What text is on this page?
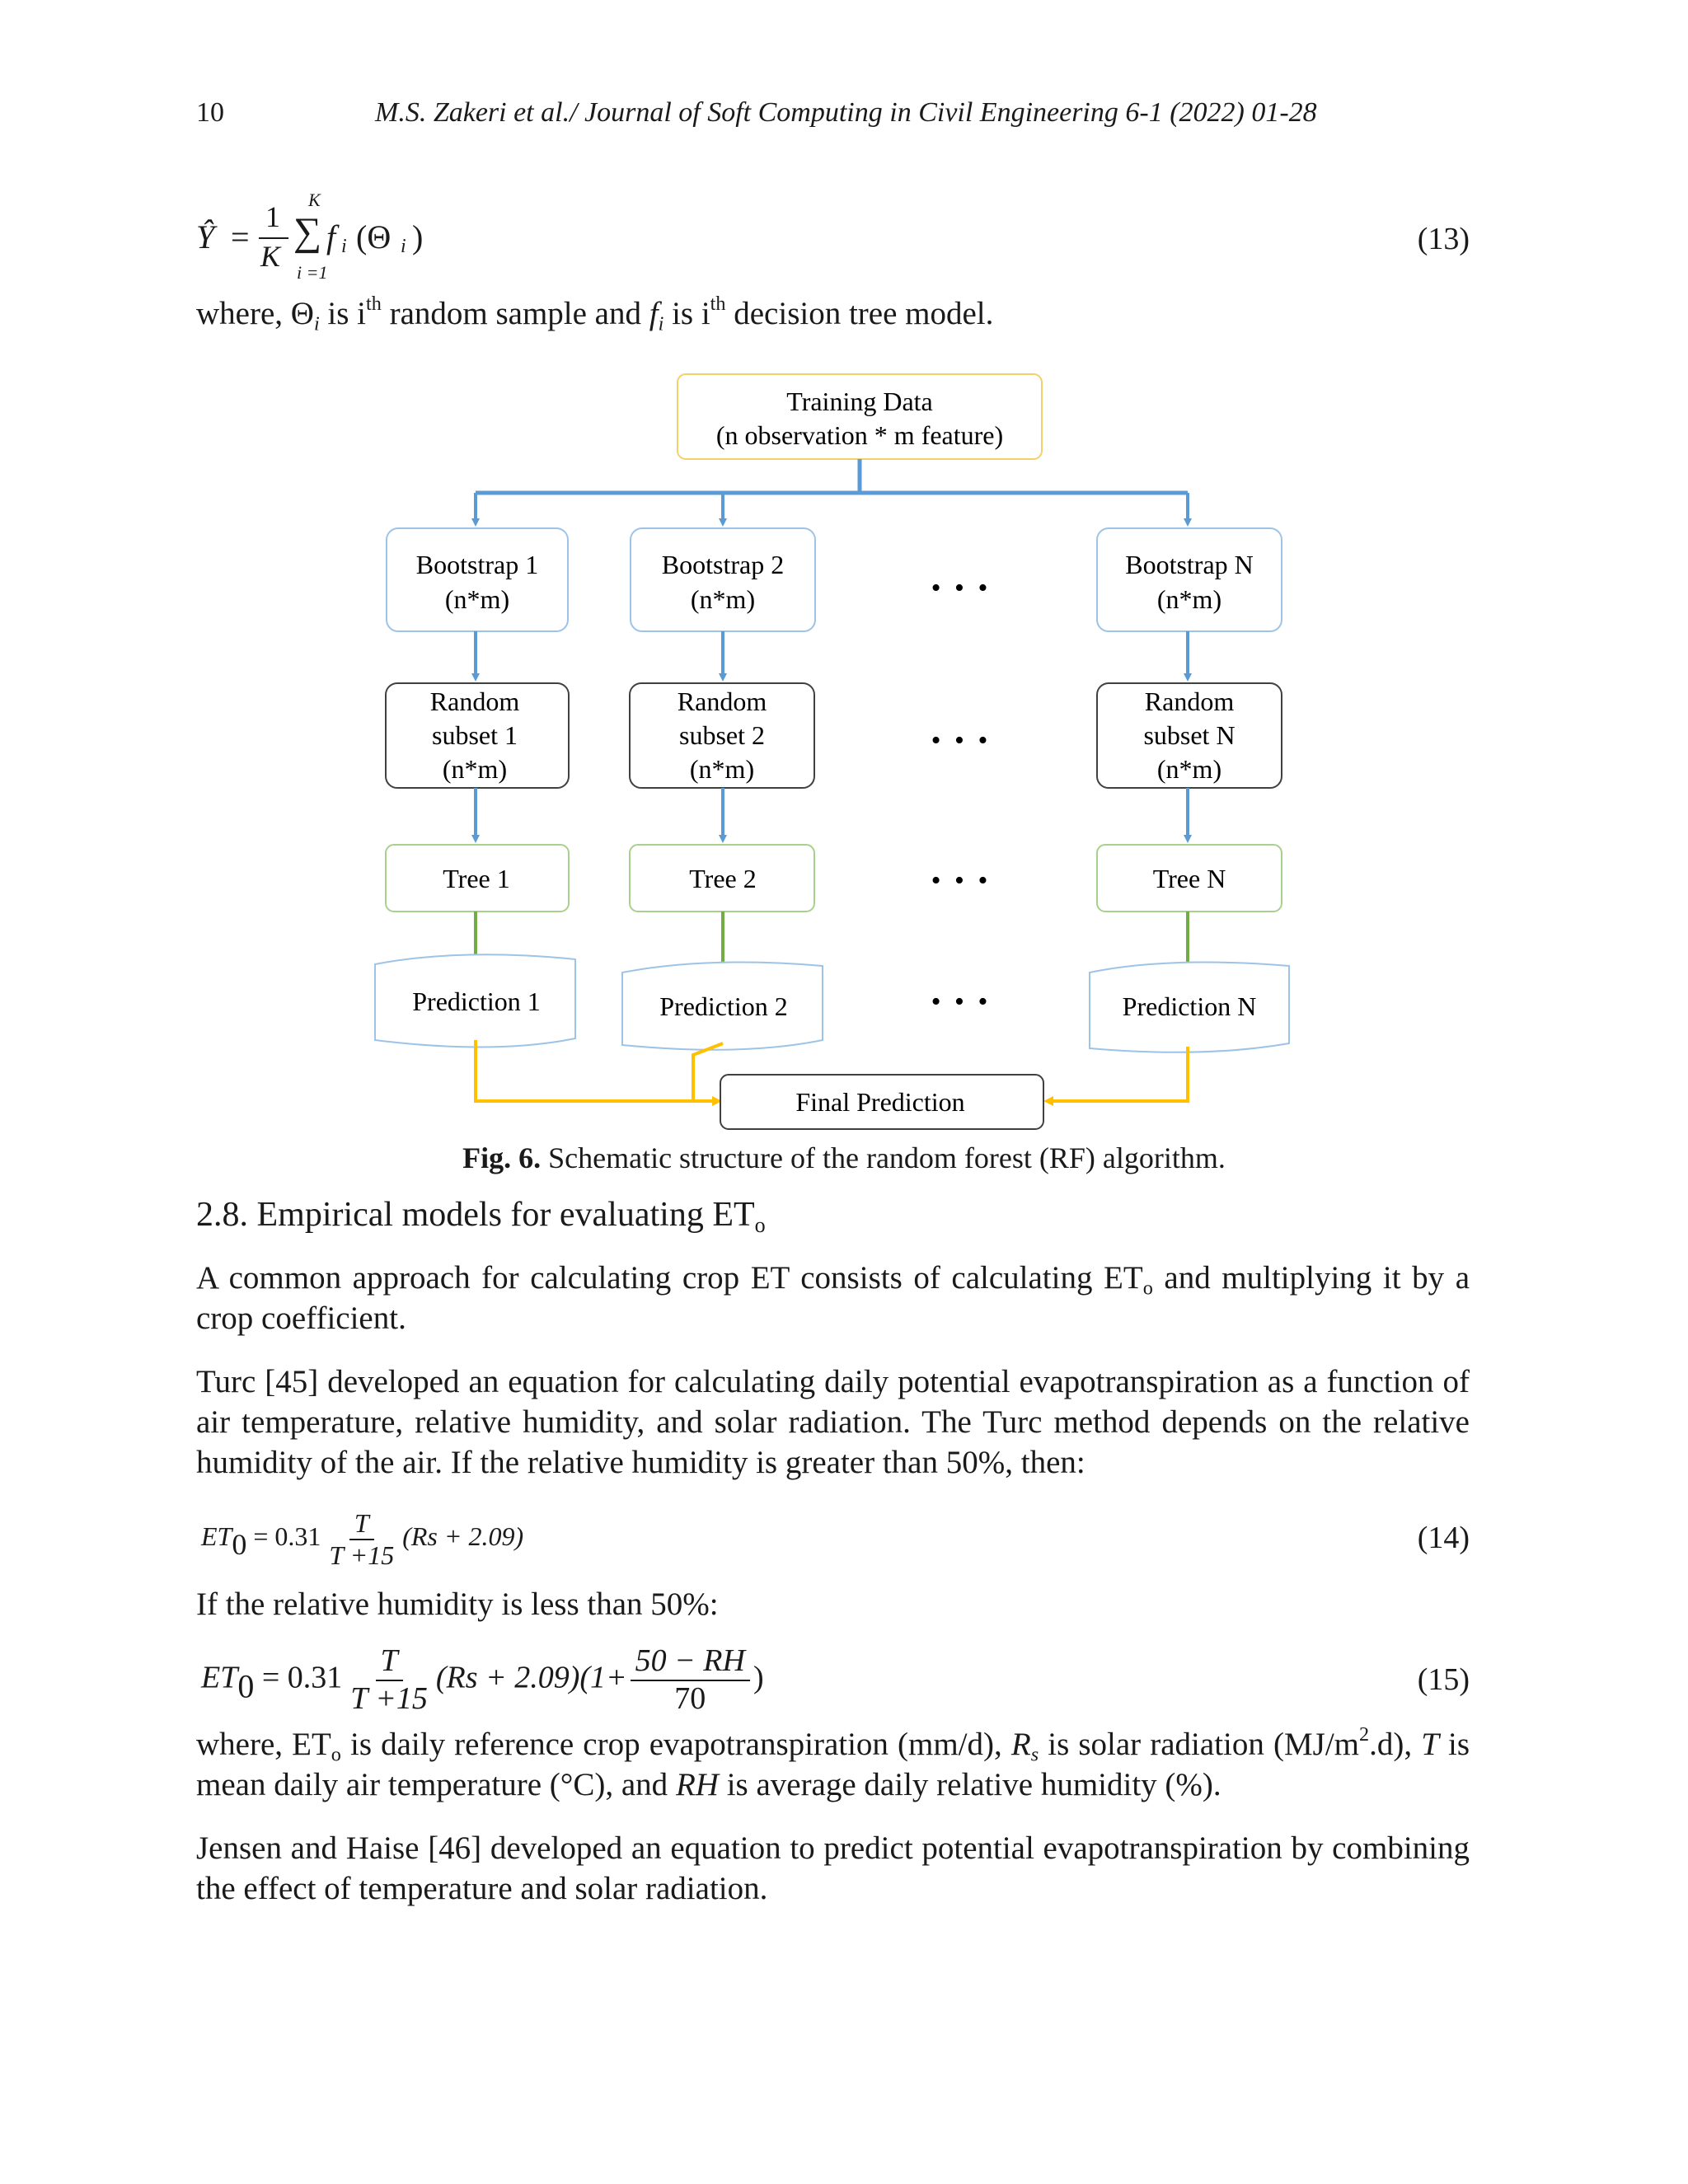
10	M.S. Zakeri et al./ Journal of Soft Computing in Civil Engineering 6-1 (2022) 01-28
Ŷ =
1
K
K
∑
i =1
f i (Θ i )	(13)
where, $\Theta_i$ is $i^{th}$ random sample and $f_i$ is $i^{th}$ decision tree model.
Training Data
(n observation * m feature)
Bootstrap 1
(n*m)
Bootstrap 2
(n*m)
Bootstrap N
(n*m)
• • •
Random
subset 1
(n*m)
Random
subset 2
(n*m)
Random
subset N
(n*m)
• • •
Tree 1	Tree 2	Tree N
• • •
Prediction 1	Prediction 2	Prediction N
• • •
Final Prediction
Fig. 6. Schematic structure of the random forest (RF) algorithm.
2.8. Empirical models for evaluating $ET_o$
A common approach for calculating crop ET consists of calculating $ET_o$ and multiplying it by a crop coefficient.
Turc [45] developed an equation for calculating daily potential evapotranspiration as a function of air temperature, relative humidity, and solar radiation. The Turc method depends on the relative humidity of the air. If the relative humidity is greater than 50%, then:
$ET_0 = 0.31 \frac{T}{T +15} (Rs + 2.09)$	(14)
If the relative humidity is less than 50%:
$ET_0 = 0.31 \frac{T}{T +15} (Rs + 2.09)(1+ \frac{50 - RH}{70}$ )	(15)
where, $ET_o$ is daily reference crop evapotranspiration (mm/d), $R_s$ is solar radiation $(MJ/m^2.d)$, T is mean daily air temperature (°C), and RH is average daily relative humidity (%).
Jensen and Haise [46] developed an equation to predict potential evapotranspiration by combining the effect of temperature and solar radiation.
